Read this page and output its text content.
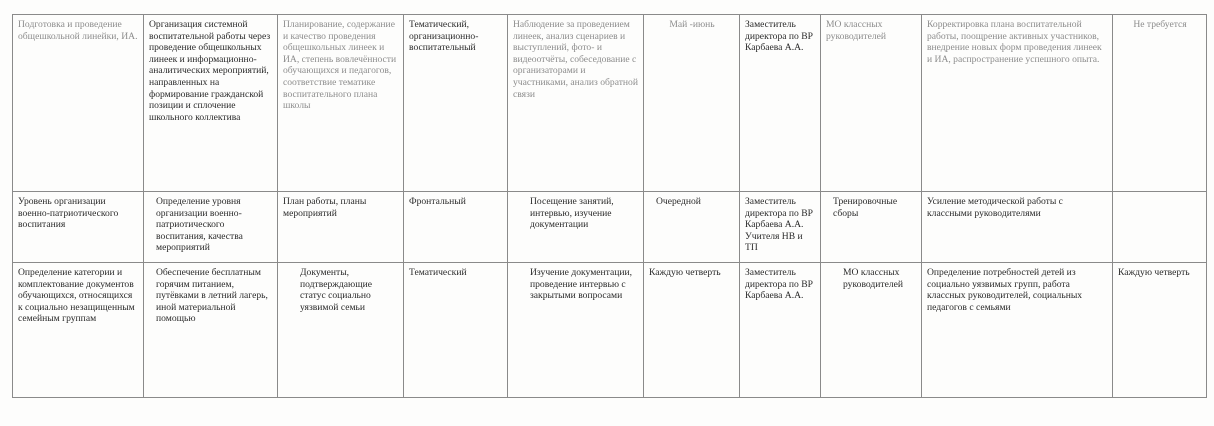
Подготовка и проведение общешкольной линейки, ИА.	Организация системной воспитательной работы через проведение общешкольных линеек и информационно-аналитических мероприятий, направленных на формирование гражданской позиции и сплочение школьного коллектива	Планирование, содержание и качество проведения общешкольных линеек и ИА, степень вовлечённости обучающихся и педагогов, соответствие тематике воспитательного плана школы	Тематический, организационно-воспитательный	Наблюдение за проведением линеек, анализ сценариев и выступлений, фото- и видеоотчёты, собеседование с организаторами и участниками, анализ обратной связи	Май -июнь	Заместитель директора по ВР Карбаева А.А.	МО классных руководителей	Корректировка плана воспитательной работы, поощрение активных участников, внедрение новых форм проведения линеек и ИА, распространение успешного опыта.	Не требуется
Уровень организации военно-патриотического воспитания	Определение уровня организации военно-патриотического воспитания, качества мероприятий	План работы, планы мероприятий	Фронтальный	Посещение занятий, интервью, изучение документации	Очередной	Заместитель директора по ВР Карбаева А.А. Учителя НВ и ТП	Тренировочные сборы	Усиление методической работы с классными руководителями	
Определение категории и комплектование документов обучающихся, относящихся к социально незащищенным семейным группам	Обеспечение бесплатным горячим питанием, путёвками в летний лагерь, иной материальной помощью	Документы, подтверждающие статус социально уязвимой семьи	Тематический	Изучение документации, проведение интервью с закрытыми вопросами	Каждую четверть	Заместитель директора по ВР Карбаева А.А.	МО классных руководителей	Определение потребностей детей из социально уязвимых групп, работа классных руководителей, социальных педагогов с семьями	Каждую четверть
